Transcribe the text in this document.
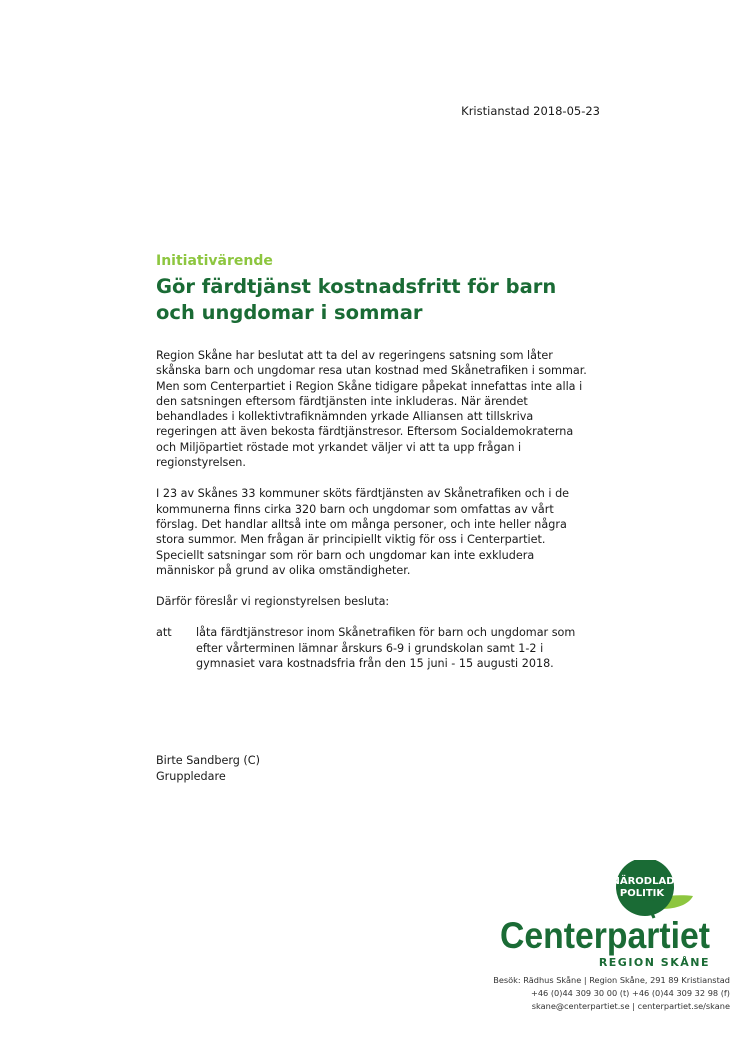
Kristianstad 2018-05-23
Initiativärende
Gör färdtjänst kostnadsfritt för barn
och ungdomar i sommar

Region Skåne har beslutat att ta del av regeringens satsning som låter skånska barn och ungdomar resa utan kostnad med Skånetrafiken i sommar. Men som Centerpartiet i Region Skåne tidigare påpekat innefattas inte alla i den satsningen eftersom färdtjänsten inte inkluderas. När ärendet behandlades i kollektivtrafiknämnden yrkade Alliansen att tillskriva regeringen att även bekosta färdtjänstresor. Eftersom Socialdemokraterna och Miljöpartiet röstade mot yrkandet väljer vi att ta upp frågan i regionstyrelsen.

I 23 av Skånes 33 kommuner sköts färdtjänsten av Skånetrafiken och i de kommunerna finns cirka 320 barn och ungdomar som omfattas av vårt förslag. Det handlar alltså inte om många personer, och inte heller några stora summor. Men frågan är principiellt viktig för oss i Centerpartiet. Speciellt satsningar som rör barn och ungdomar kan inte exkludera människor på grund av olika omständigheter.

Därför föreslår vi regionstyrelsen besluta:

att	låta färdtjänstresor inom Skånetrafiken för barn och ungdomar som efter vårterminen lämnar årskurs 6-9 i grundskolan samt 1-2 i gymnasiet vara kostnadsfria från den 15 juni - 15 augusti 2018.
Birte Sandberg (C)
Gruppledare
NÄRODLAD
POLITIK
Centerpartiet
REGION SKÅNE
Besök: Rädhus Skåne | Region Skåne, 291 89 Kristianstad
+46 (0)44 309 30 00 (t) +46 (0)44 309 32 98 (f)
skane@centerpartiet.se | centerpartiet.se/skane
